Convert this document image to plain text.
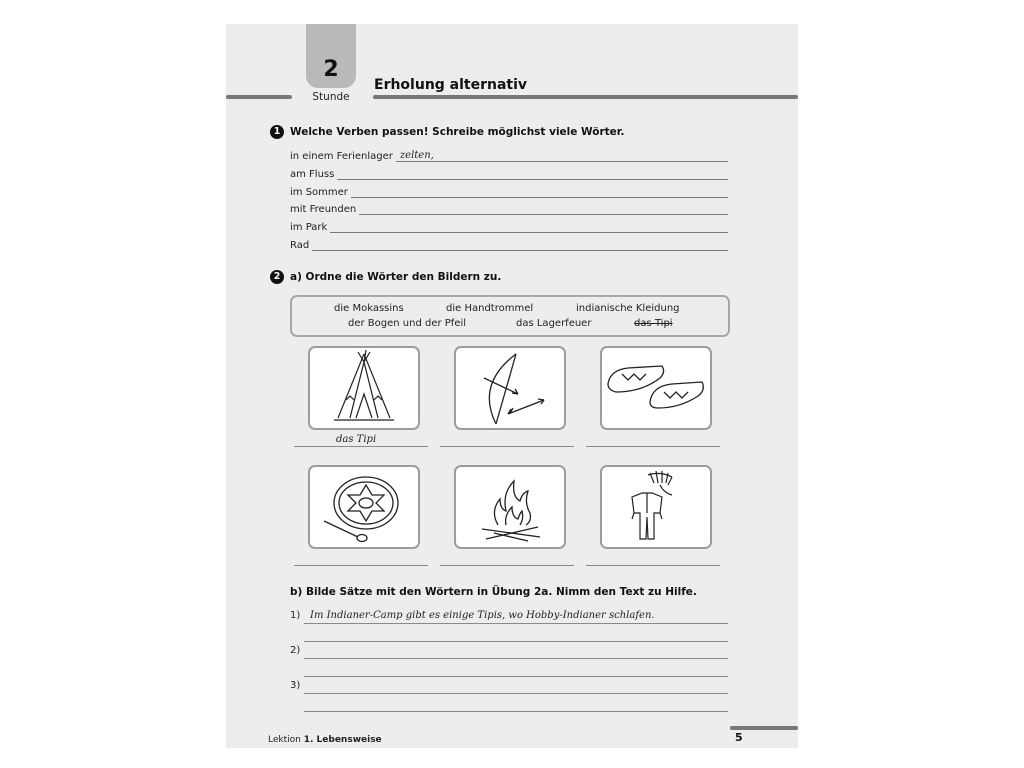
2
Stunde
Erholung alternativ
1 Welche Verben passen! Schreibe möglichst viele Wörter.
in einem Ferienlager zelten,
am Fluss
im Sommer
mit Freunden
im Park
Rad
2 a) Ordne die Wörter den Bildern zu.
die Mokassins	die Handtrommel	indianische Kleidung
der Bogen und der Pfeil	das Lagerfeuer	das Tipi
das Tipi
b) Bilde Sätze mit den Wörtern in Übung 2a. Nimm den Text zu Hilfe.
1) Im Indianer-Camp gibt es einige Tipis, wo Hobby-Indianer schlafen.
2)
3)
Lektion 1. Lebensweise	5
